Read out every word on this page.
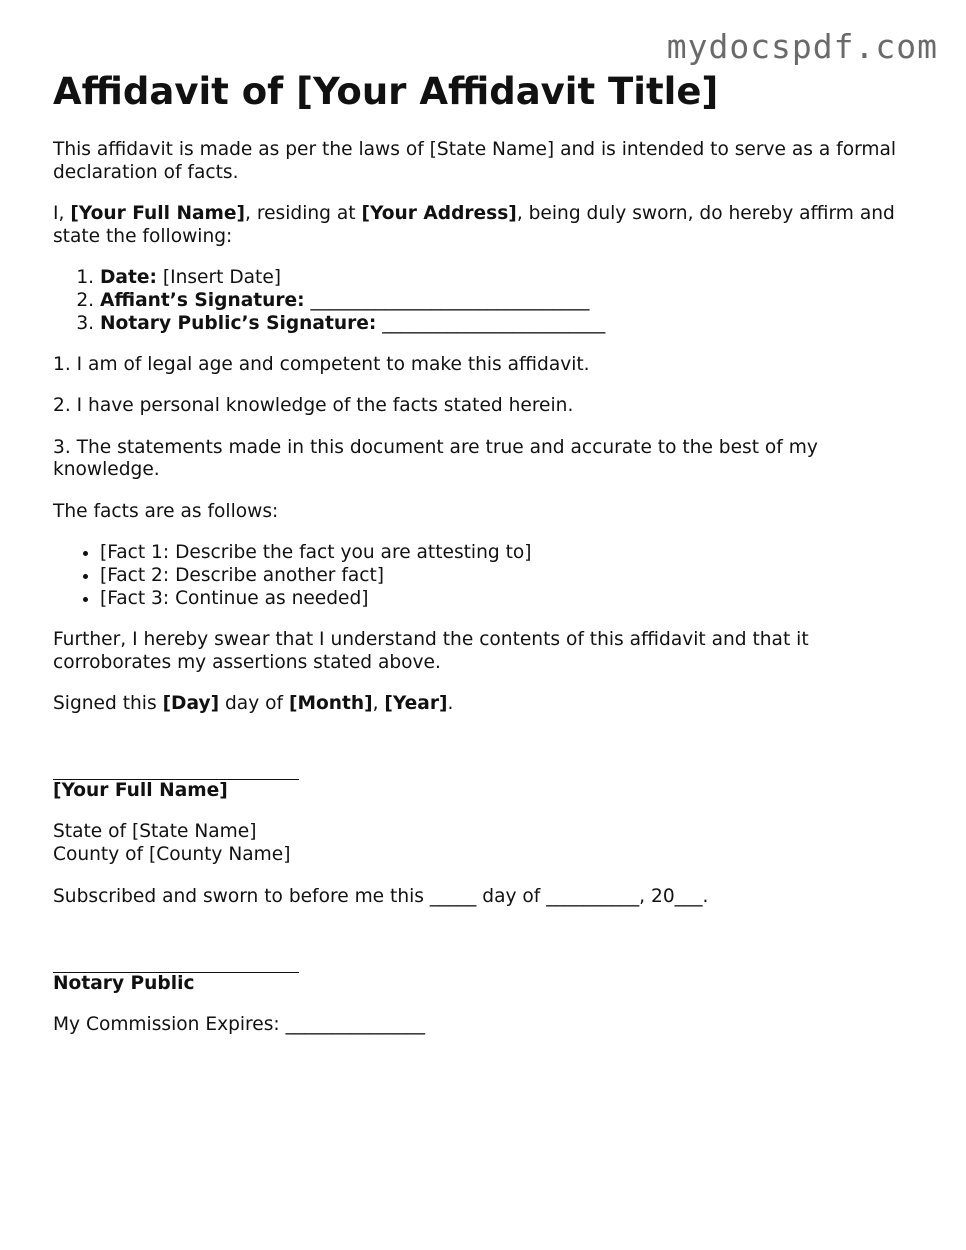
mydocspdf.com
Affidavit of [Your Affidavit Title]

This affidavit is made as per the laws of [State Name] and is intended to serve as a formal declaration of facts.

I, [Your Full Name], residing at [Your Address], being duly sworn, do hereby affirm and state the following:

1. Date: [Insert Date]
2. Affiant’s Signature: ______________________________
3. Notary Public’s Signature: ________________________

1. I am of legal age and competent to make this affidavit.

2. I have personal knowledge of the facts stated herein.

3. The statements made in this document are true and accurate to the best of my knowledge.

The facts are as follows:

• [Fact 1: Describe the fact you are attesting to]
• [Fact 2: Describe another fact]
• [Fact 3: Continue as needed]

Further, I hereby swear that I understand the contents of this affidavit and that it corroborates my assertions stated above.

Signed this [Day] day of [Month], [Year].

[Your Full Name]

State of [State Name]
County of [County Name]

Subscribed and sworn to before me this _____ day of __________, 20___.

Notary Public

My Commission Expires: _______________
